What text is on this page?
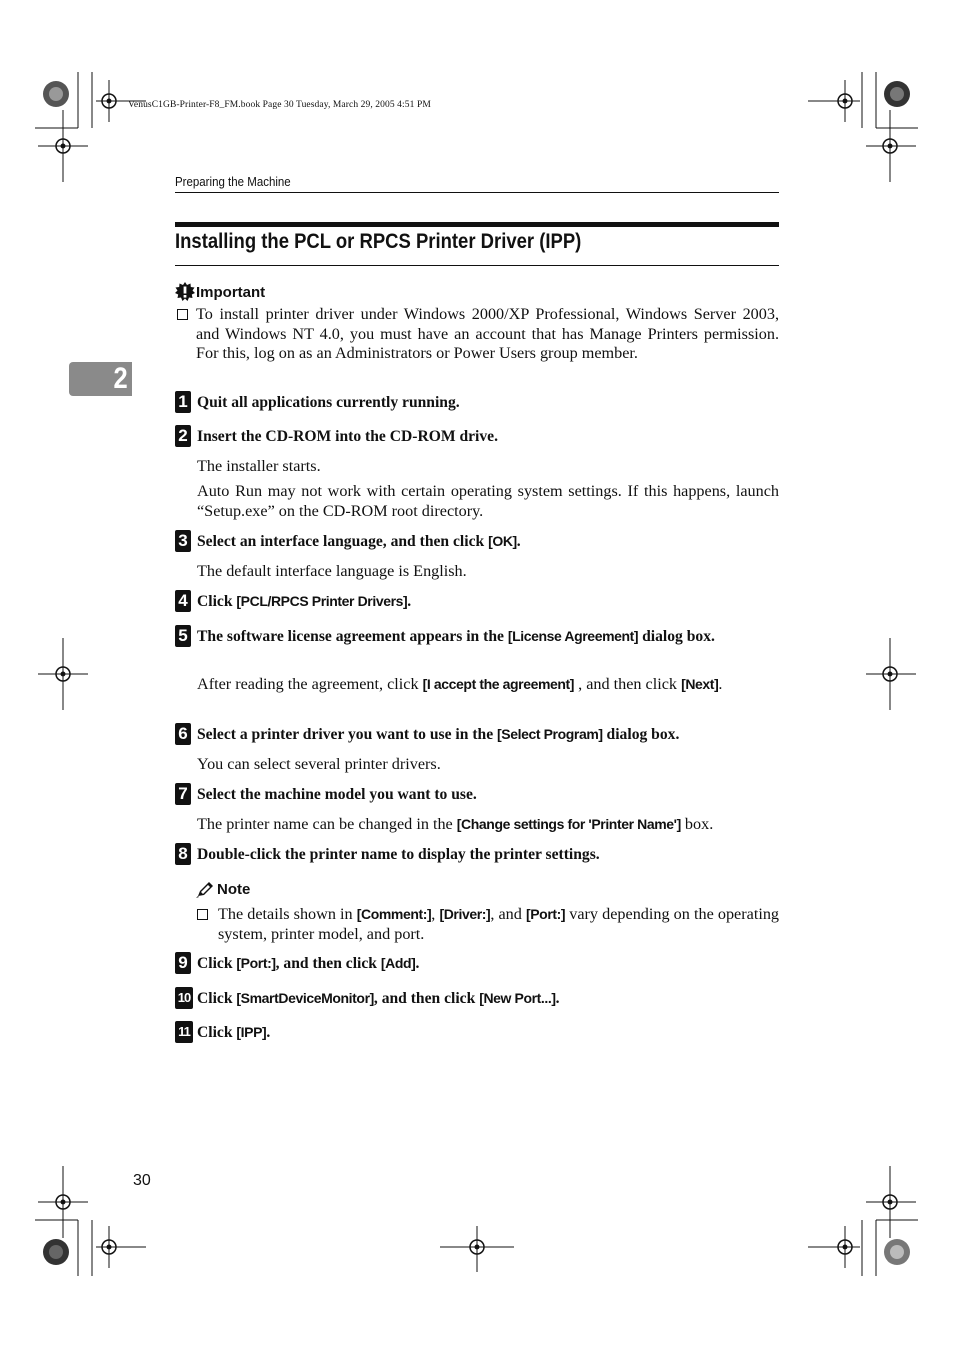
VenusC1GB-Printer-F8_FM.book Page 30 Tuesday, March 29, 2005 4:51 PM
Preparing the Machine
Installing the PCL or RPCS Printer Driver (IPP)
2
Important
To install printer driver under Windows 2000/XP Professional, Windows Server 2003, and Windows NT 4.0, you must have an account that has Manage Printers permission. For this, log on as an Administrators or Power Users group member.
1 Quit all applications currently running.
2 Insert the CD-ROM into the CD-ROM drive.
The installer starts.
Auto Run may not work with certain operating system settings. If this happens, launch “Setup.exe” on the CD-ROM root directory.
3 Select an interface language, and then click [OK].
The default interface language is English.
4 Click [PCL/RPCS Printer Drivers].
5 The software license agreement appears in the [License Agreement] dialog box.
After reading the agreement, click [I accept the agreement] , and then click [Next].
6 Select a printer driver you want to use in the [Select Program] dialog box.
You can select several printer drivers.
7 Select the machine model you want to use.
The printer name can be changed in the [Change settings for 'Printer Name'] box.
8 Double-click the printer name to display the printer settings.
Note
The details shown in [Comment:], [Driver:], and [Port:] vary depending on the operating system, printer model, and port.
9 Click [Port:], and then click [Add].
10 Click [SmartDeviceMonitor], and then click [New Port...].
11 Click [IPP].
30
